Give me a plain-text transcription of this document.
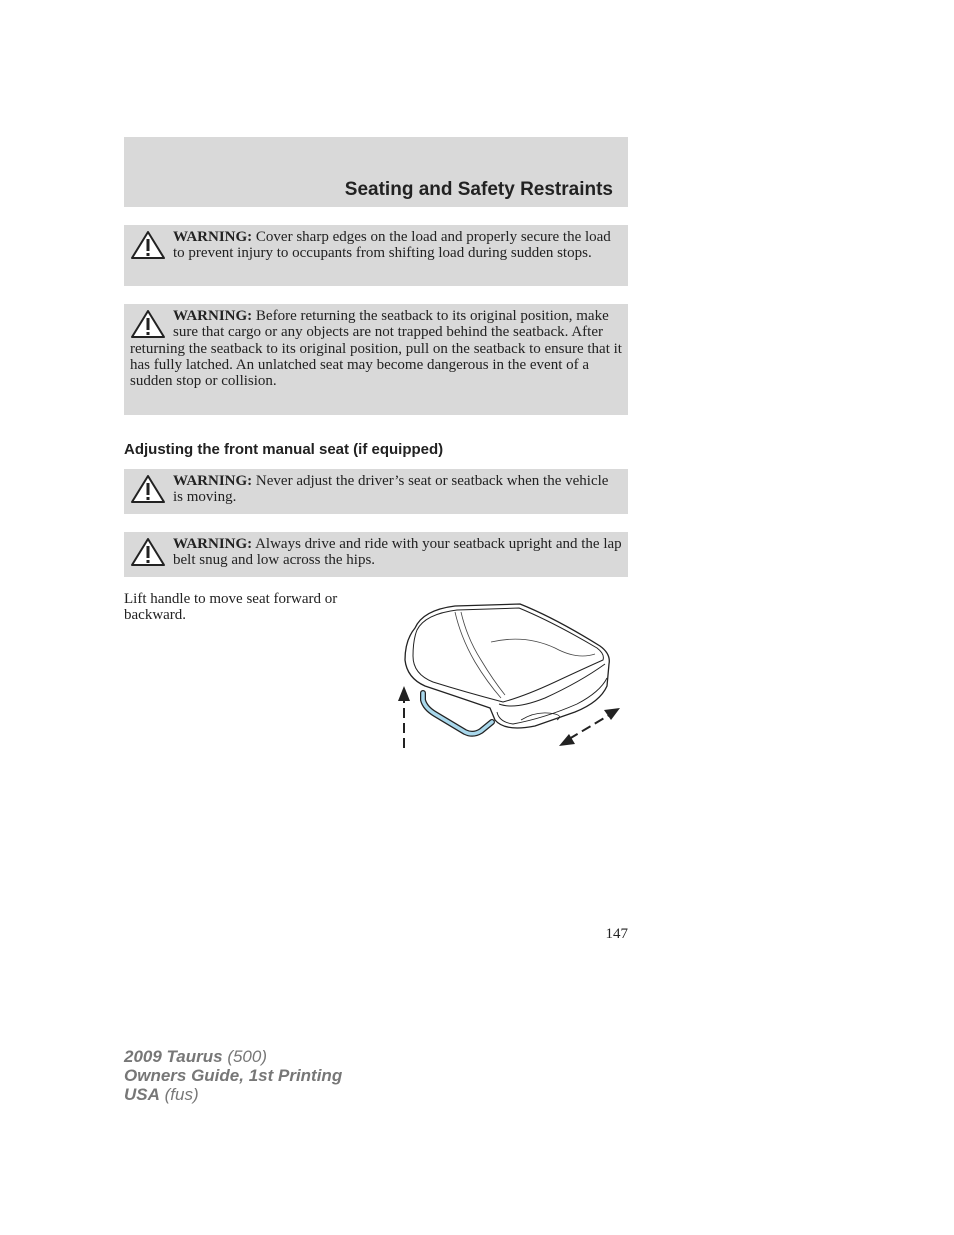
Seating and Safety Restraints
WARNING: Cover sharp edges on the load and properly secure the load to prevent injury to occupants from shifting load during sudden stops.
WARNING: Before returning the seatback to its original position, make sure that cargo or any objects are not trapped behind the seatback. After returning the seatback to its original position, pull on the seatback to ensure that it has fully latched. An unlatched seat may become dangerous in the event of a sudden stop or collision.
Adjusting the front manual seat (if equipped)
WARNING: Never adjust the driver’s seat or seatback when the vehicle is moving.
WARNING: Always drive and ride with your seatback upright and the lap belt snug and low across the hips.
Lift handle to move seat forward or backward.
147
2009 Taurus (500)
Owners Guide, 1st Printing
USA (fus)
